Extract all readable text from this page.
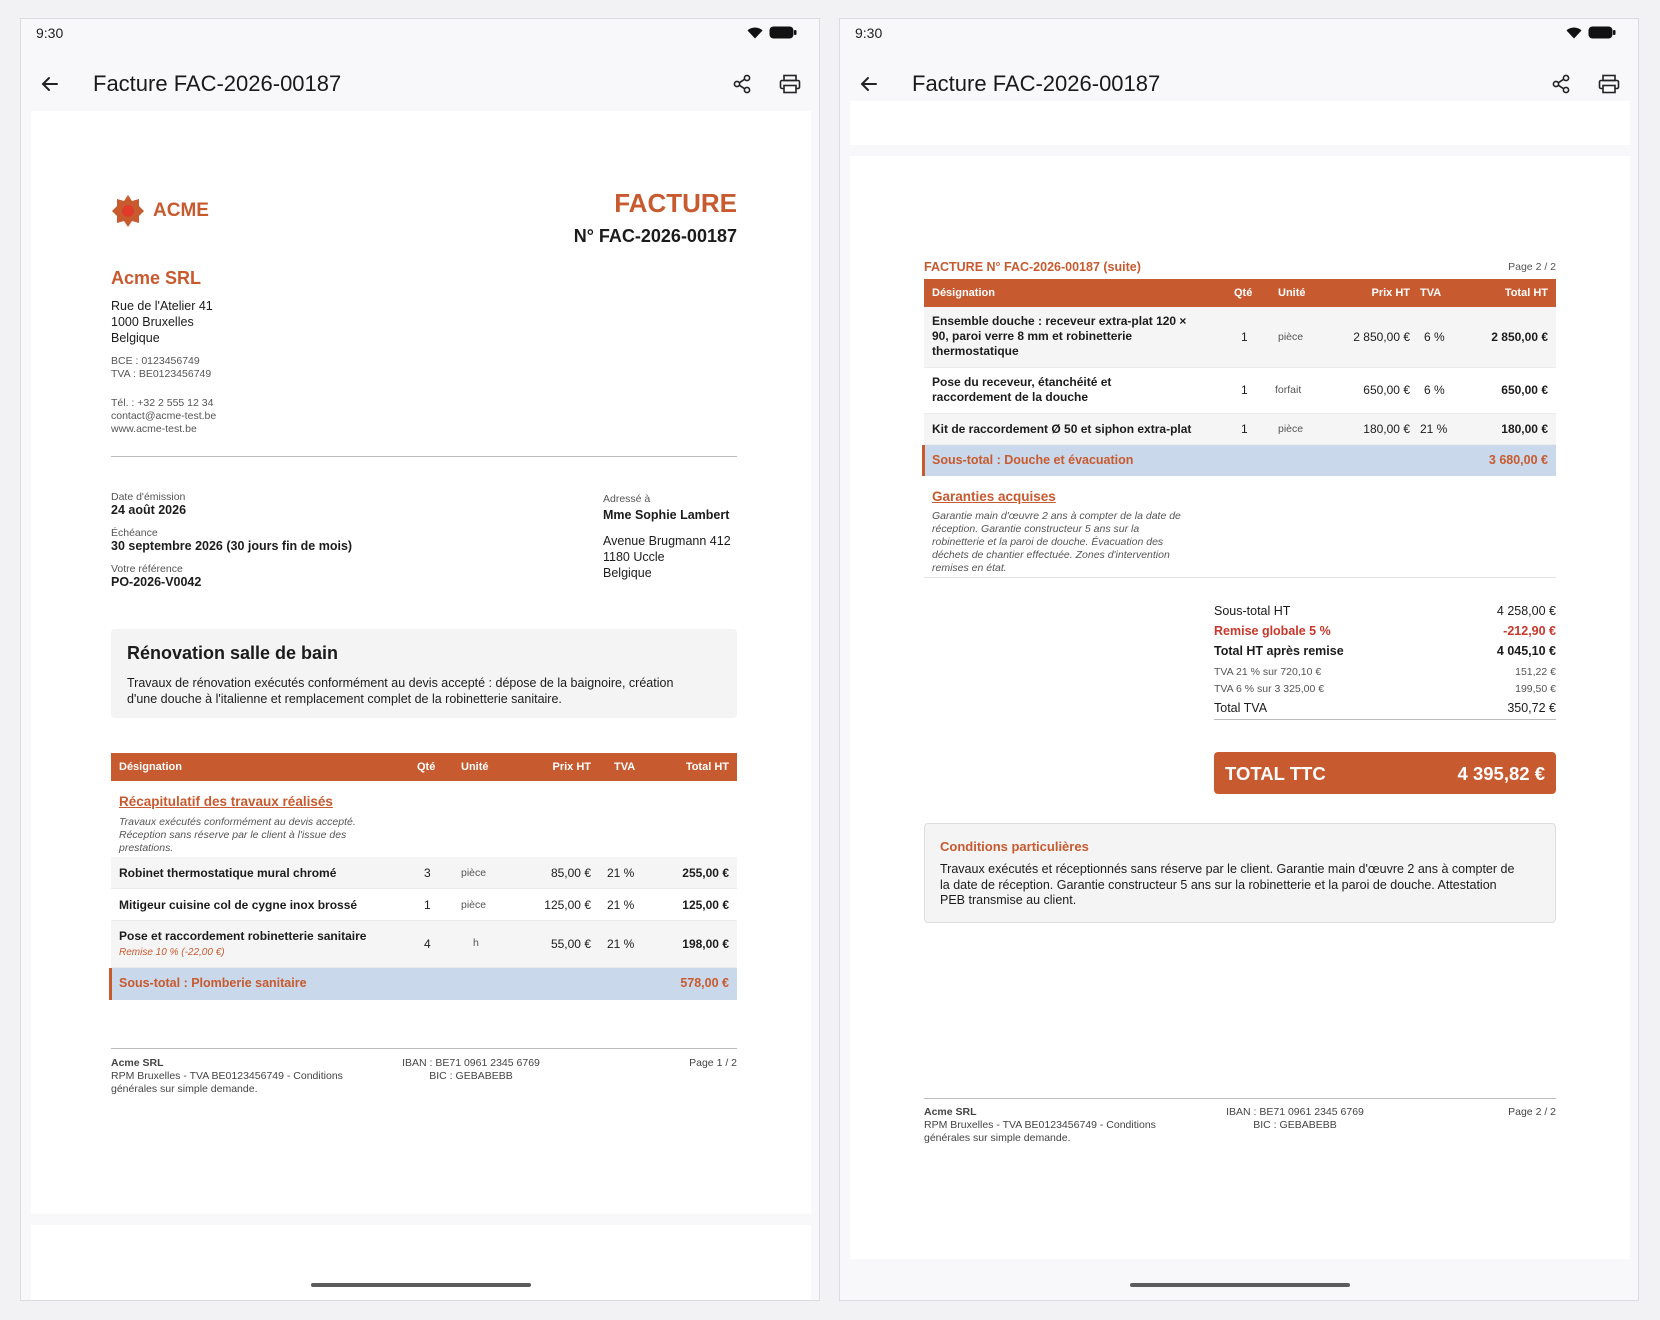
9:30
Facture FAC-2026-00187
ACME	FACTURE
N° FAC-2026-00187
Acme SRL
Rue de l'Atelier 41
1000 Bruxelles
Belgique
BCE : 0123456749
TVA : BE0123456749
Tél. : +32 2 555 12 34
contact@acme-test.be
www.acme-test.be
Date d'émission
24 août 2026
Échéance
30 septembre 2026 (30 jours fin de mois)
Votre référence
PO-2026-V0042
Adressé à
Mme Sophie Lambert
Avenue Brugmann 412
1180 Uccle
Belgique
Rénovation salle de bain
Travaux de rénovation exécutés conformément au devis accepté : dépose de la baignoire, création
d'une douche à l'italienne et remplacement complet de la robinetterie sanitaire.
Désignation	Qté Unité	Prix HT TVA	Total HT
Récapitulatif des travaux réalisés
Travaux exécutés conformément au devis accepté.
Réception sans réserve par le client à l'issue des
prestations.
Robinet thermostatique mural chromé	3	pièce	85,00 € 21 %	255,00 €
Mitigeur cuisine col de cygne inox brossé	1	pièce	125,00 € 21 %	125,00 €
Pose et raccordement robinetterie sanitaire
Remise 10 % (-22,00 €)
4	h	55,00 € 21 %	198,00 €
Sous-total : Plomberie sanitaire	578,00 €
Acme SRL
RPM Bruxelles - TVA BE0123456749 - Conditions
générales sur simple demande.
IBAN : BE71 0961 2345 6769
BIC : GEBABEBB
Page 1 / 2
9:30
Facture FAC-2026-00187
FACTURE N° FAC-2026-00187 (suite)	Page 2 / 2
Désignation	Qté Unité	Prix HT TVA	Total HT
Ensemble douche : receveur extra-plat 120 ×
90, paroi verre 8 mm et robinetterie
thermostatique
1	pièce	2 850,00 € 6 %	2 850,00 €
Pose du receveur, étanchéité et
raccordement de la douche	1	forfait	650,00 € 6 %	650,00 €
Kit de raccordement Ø 50 et siphon extra-plat	1	pièce	180,00 € 21 %	180,00 €
Sous-total : Douche et évacuation	3 680,00 €
Garanties acquises
Garantie main d'œuvre 2 ans à compter de la date de
réception. Garantie constructeur 5 ans sur la
robinetterie et la paroi de douche. Évacuation des
déchets de chantier effectuée. Zones d'intervention
remises en état.
Sous-total HT	4 258,00 €
Remise globale 5 %	-212,90 €
Total HT après remise	4 045,10 €
TVA 21 % sur 720,10 €	151,22 €
TVA 6 % sur 3 325,00 €	199,50 €
Total TVA	350,72 €
TOTAL TTC	4 395,82 €
Conditions particulières
Travaux exécutés et réceptionnés sans réserve par le client. Garantie main d'œuvre 2 ans à compter de
la date de réception. Garantie constructeur 5 ans sur la robinetterie et la paroi de douche. Attestation
PEB transmise au client.
Acme SRL
RPM Bruxelles - TVA BE0123456749 - Conditions
générales sur simple demande.
IBAN : BE71 0961 2345 6769
BIC : GEBABEBB
Page 2 / 2
